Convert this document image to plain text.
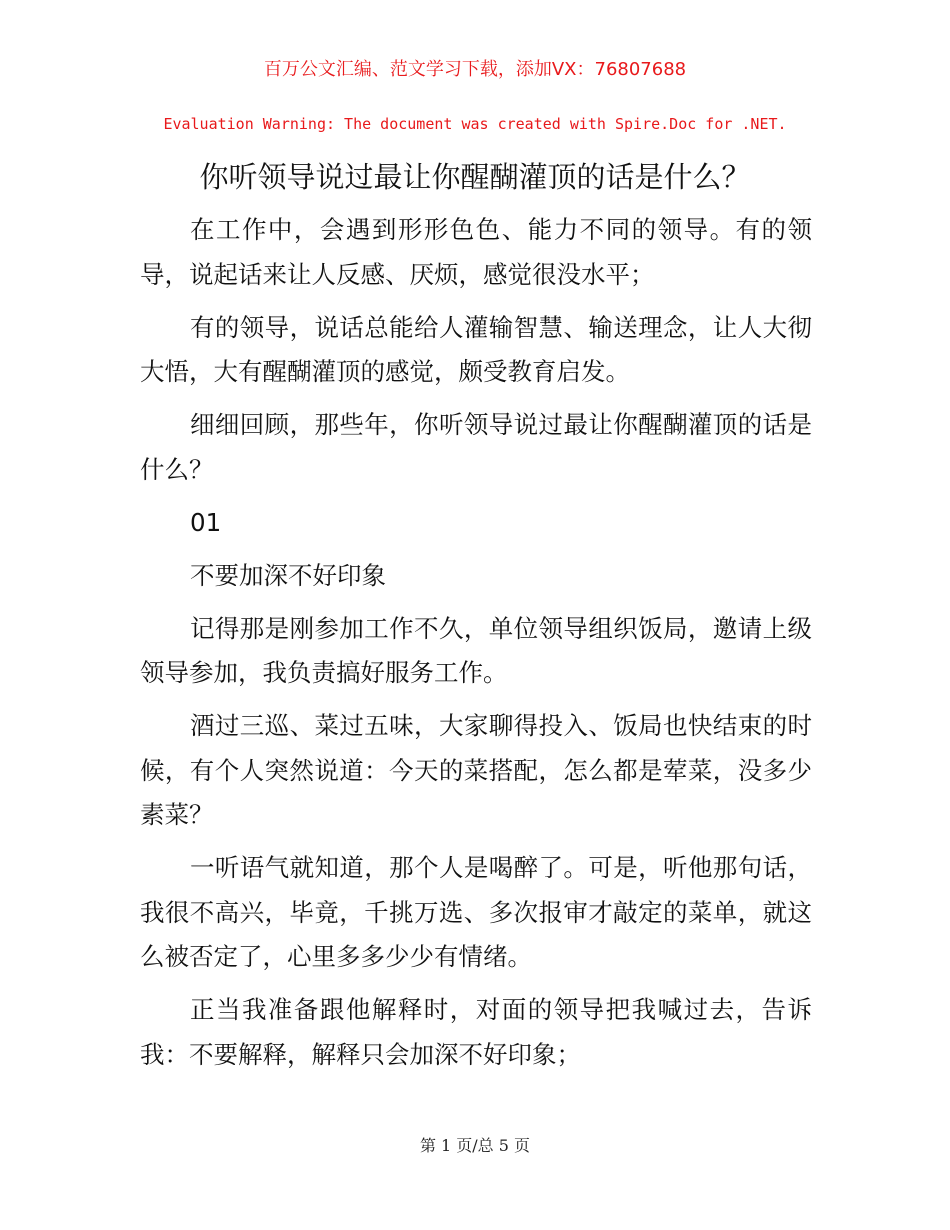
百万公文汇编、范文学习下载，添加VX：76807688
Evaluation Warning: The document was created with Spire.Doc for .NET.
你听领导说过最让你醒醐灌顶的话是什么？

在工作中，会遇到形形色色、能力不同的领导。有的领导，说起话来让人反感、厌烦，感觉很没水平；

有的领导，说话总能给人灌输智慧、输送理念，让人大彻大悟，大有醒醐灌顶的感觉，颇受教育启发。

细细回顾，那些年，你听领导说过最让你醒醐灌顶的话是什么？

01

不要加深不好印象

记得那是刚参加工作不久，单位领导组织饭局，邀请上级领导参加，我负责搞好服务工作。

酒过三巡、菜过五味，大家聊得投入、饭局也快结束的时候，有个人突然说道：今天的菜搭配，怎么都是荤菜，没多少素菜？

一听语气就知道，那个人是喝醉了。可是，听他那句话，我很不高兴，毕竟，千挑万选、多次报审才敲定的菜单，就这么被否定了，心里多多少少有情绪。

正当我准备跟他解释时，对面的领导把我喊过去，告诉我：不要解释，解释只会加深不好印象；

第 1 页/总 5 页
